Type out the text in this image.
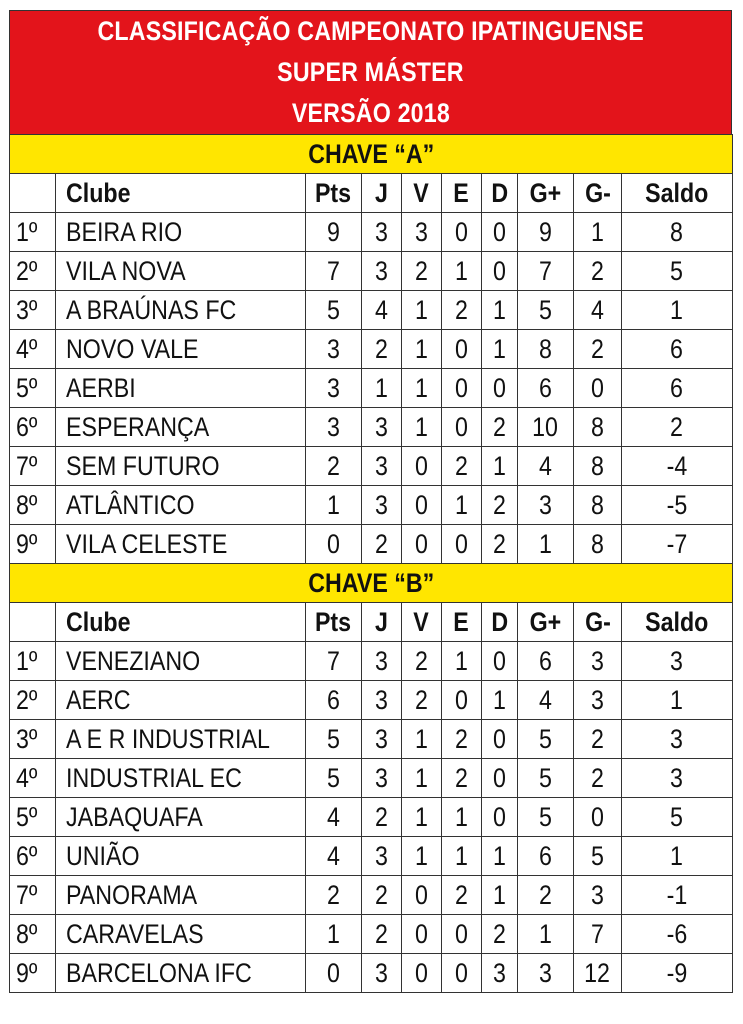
CLASSIFICAÇÃO CAMPEONATO IPATINGUENSE
SUPER MÁSTER
VERSÃO 2018
CHAVE “A”									
	Clube	Pts	J	V	E	D	G+	G-	Saldo
1º	BEIRA RIO	9	3	3	0	0	9	1	8
2º	VILA NOVA	7	3	2	1	0	7	2	5
3º	A BRAÚNAS FC	5	4	1	2	1	5	4	1
4º	NOVO VALE	3	2	1	0	1	8	2	6
5º	AERBI	3	1	1	0	0	6	0	6
6º	ESPERANÇA	3	3	1	0	2	10	8	2
7º	SEM FUTURO	2	3	0	2	1	4	8	-4
8º	ATLÂNTICO	1	3	0	1	2	3	8	-5
9º	VILA CELESTE	0	2	0	0	2	1	8	-7
CHAVE “B”									
	Clube	Pts	J	V	E	D	G+	G-	Saldo
1º	VENEZIANO	7	3	2	1	0	6	3	3
2º	AERC	6	3	2	0	1	4	3	1
3º	A E R INDUSTRIAL	5	3	1	2	0	5	2	3
4º	INDUSTRIAL EC	5	3	1	2	0	5	2	3
5º	JABAQUAFA	4	2	1	1	0	5	0	5
6º	UNIÃO	4	3	1	1	1	6	5	1
7º	PANORAMA	2	2	0	2	1	2	3	-1
8º	CARAVELAS	1	2	0	0	2	1	7	-6
9º	BARCELONA IFC	0	3	0	0	3	3	12	-9
